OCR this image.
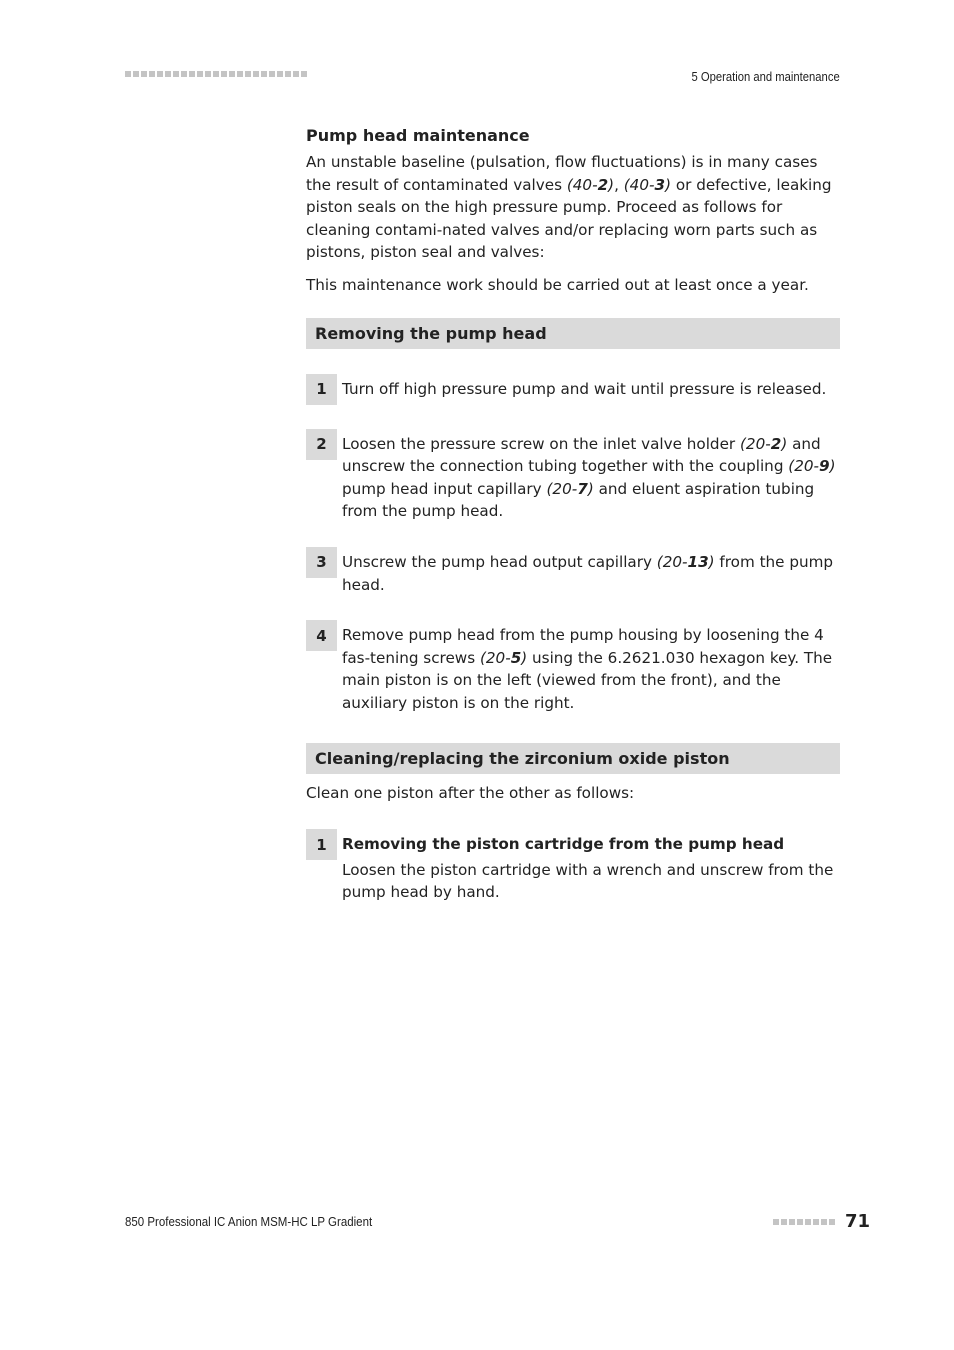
5 Operation and maintenance
Pump head maintenance

An unstable baseline (pulsation, flow fluctuations) is in many cases the result of contaminated valves (40-2), (40-3) or defective, leaking piston seals on the high pressure pump. Proceed as follows for cleaning contami-nated valves and/or replacing worn parts such as pistons, piston seal and valves:

This maintenance work should be carried out at least once a year.

Removing the pump head
1	Turn off high pressure pump and wait until pressure is released.
2	Loosen the pressure screw on the inlet valve holder (20-2) and unscrew the connection tubing together with the coupling (20-9) pump head input capillary (20-7) and eluent aspiration tubing from the pump head.
3	Unscrew the pump head output capillary (20-13) from the pump head.
4	Remove pump head from the pump housing by loosening the 4 fas-tening screws (20-5) using the 6.2621.030 hexagon key. The main piston is on the left (viewed from the front), and the auxiliary piston is on the right.
Cleaning/replacing the zirconium oxide piston

Clean one piston after the other as follows:

1	Removing the piston cartridge from the pump head
Loosen the piston cartridge with a wrench and unscrew from the pump head by hand.
850 Professional IC Anion MSM-HC LP Gradient	71
